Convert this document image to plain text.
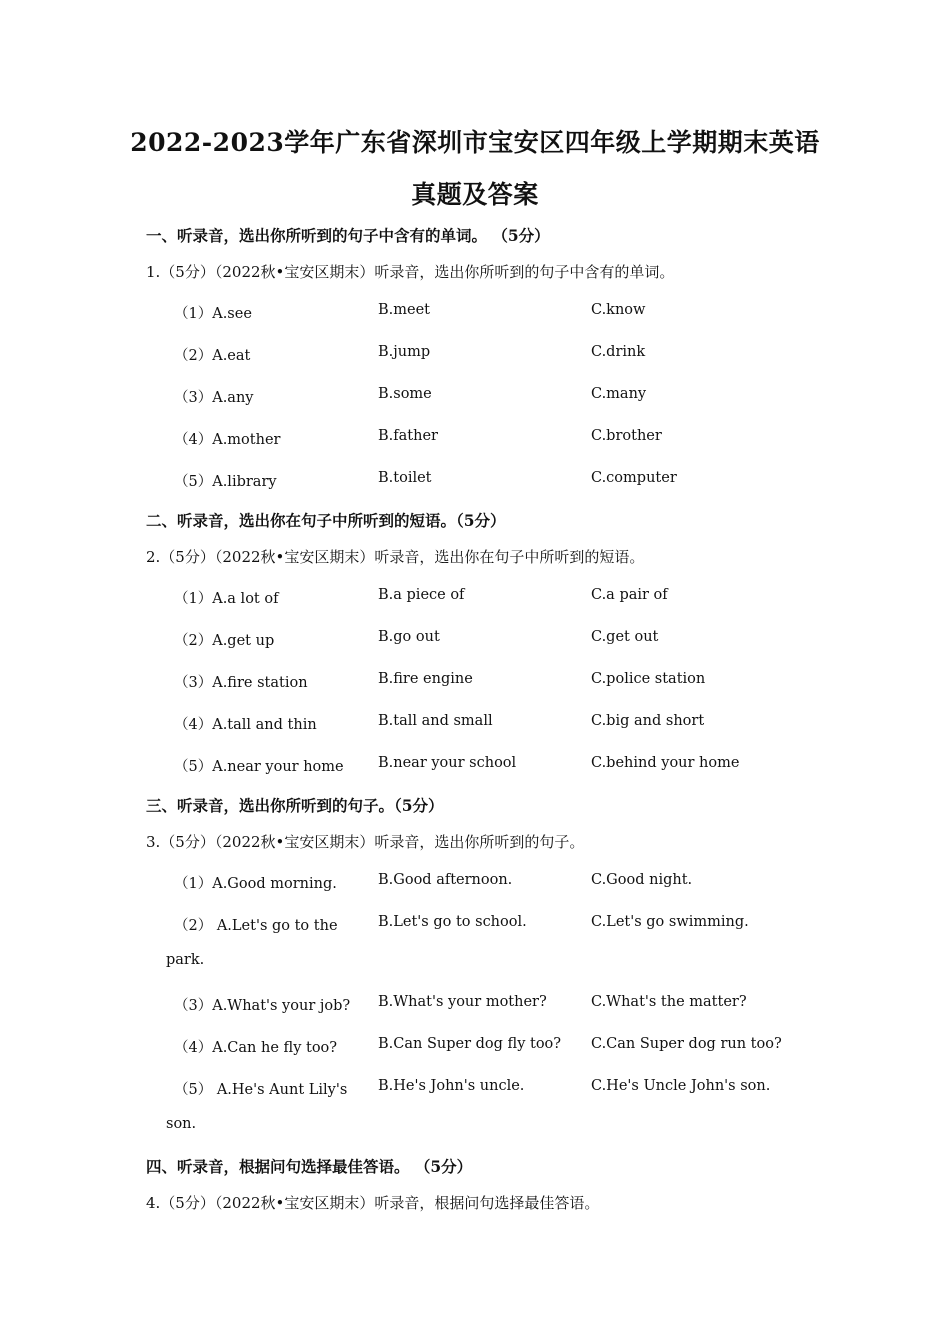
2022-2023学年广东省深圳市宝安区四年级上学期期末英语
真题及答案
一、听录音，选出你所听到的句子中含有的单词。 （5分）
1.（5分）（2022秋•宝安区期末）听录音，选出你所听到的句子中含有的单词。
（1）A.see	B.meet	C.know
（2）A.eat	B.jump	C.drink
（3）A.any	B.some	C.many
（4）A.mother	B.father	C.brother
（5）A.library	B.toilet	C.computer
二、听录音，选出你在句子中所听到的短语。（5分）
2.（5分）（2022秋•宝安区期末）听录音，选出你在句子中所听到的短语。
（1）A.a lot of	B.a piece of	C.a pair of
（2）A.get up	B.go out	C.get out
（3）A.fire station	B.fire engine	C.police station
（4）A.tall and thin	B.tall and small	C.big and short
（5）A.near your home B.near your school	C.behind your home
三、听录音，选出你所听到的句子。（5分）
3.（5分）（2022秋•宝安区期末）听录音，选出你所听到的句子。
（1）A.Good morning.	B.Good afternoon.	C.Good night.
（2） A.Let's go to the
park.
B.Let's go to school.	C.Let's go swimming.
（3）A.What's your job? B.What's your mother?	C.What's the matter?
（4）A.Can he fly too?	B.Can Super dog fly too? C.Can Super dog run too?
（5） A.He's Aunt Lily's
son.
B.He's John's uncle.	C.He's Uncle John's son.
四、听录音，根据问句选择最佳答语。 （5分）
4.（5分）（2022秋•宝安区期末）听录音，根据问句选择最佳答语。
